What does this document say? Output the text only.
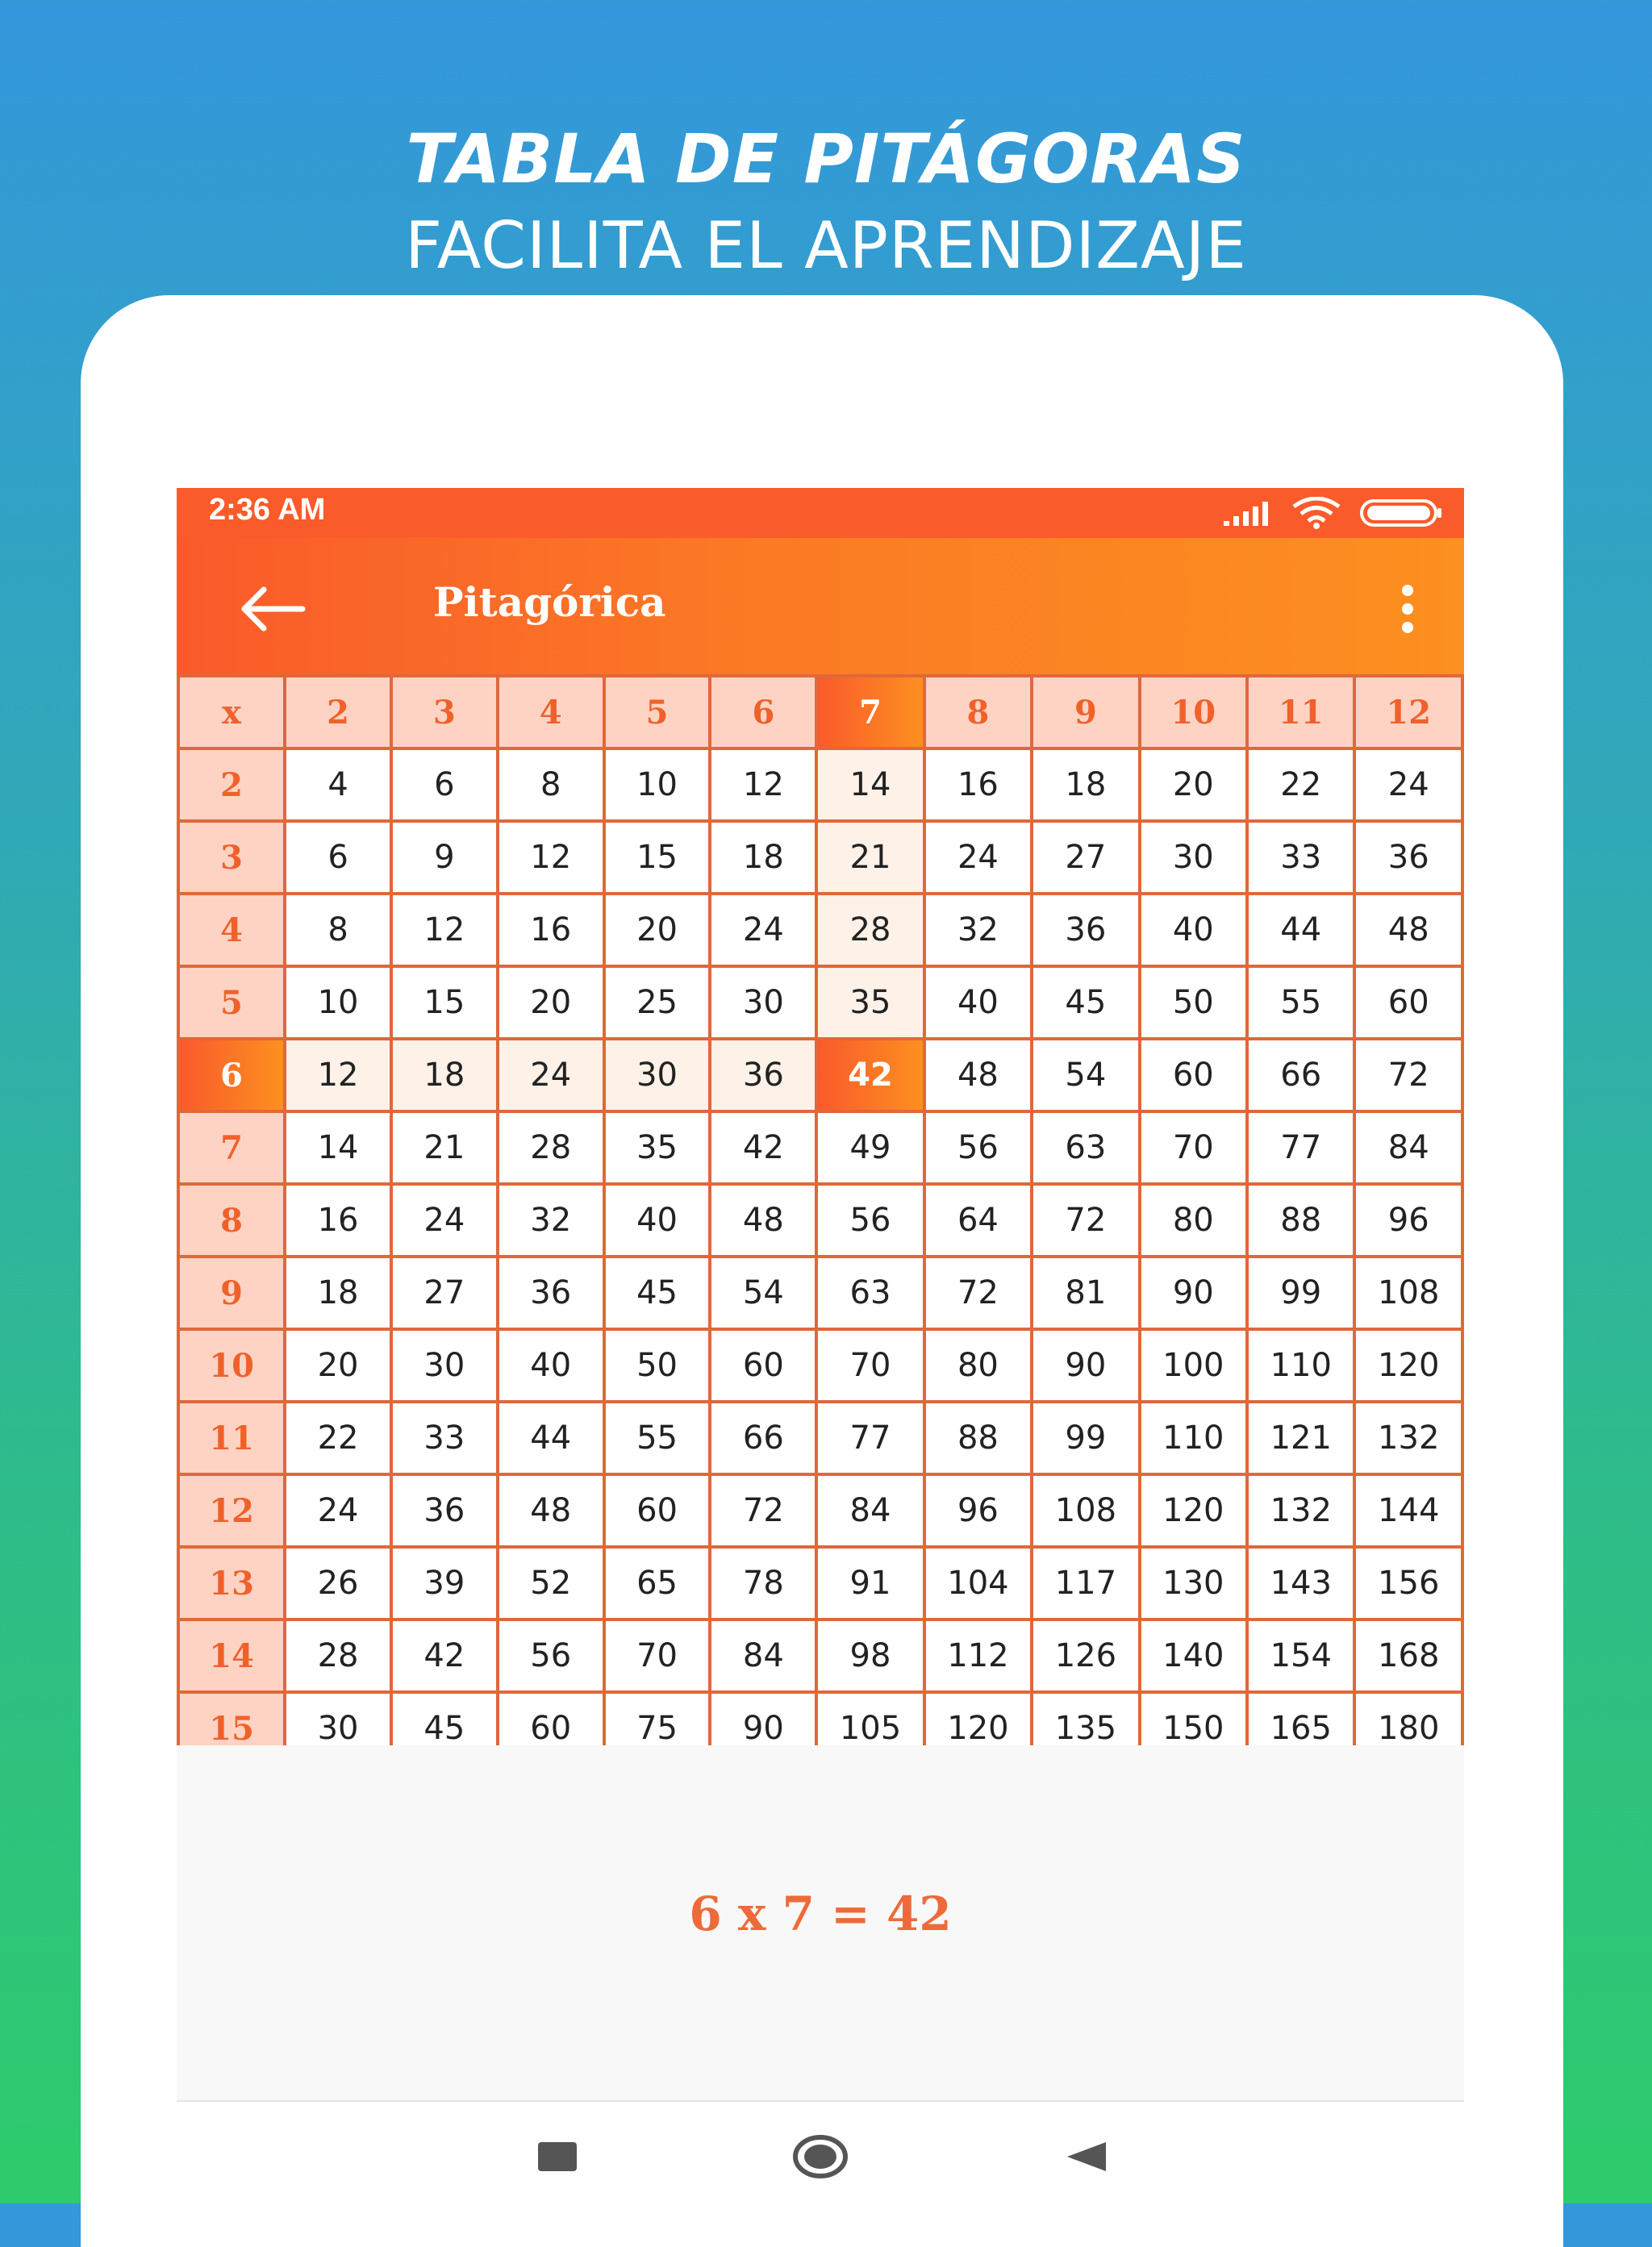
TABLA DE PITÁGORAS
FACILITA EL APRENDIZAJE
2:36 AM
Pitagórica
x	2	3	4	5	6	7	8	9	10	11	12
2	4	6	8	10	12	14	16	18	20	22	24
3	6	9	12	15	18	21	24	27	30	33	36
4	8	12	16	20	24	28	32	36	40	44	48
5	10	15	20	25	30	35	40	45	50	55	60
6	12	18	24	30	36	42	48	54	60	66	72
7	14	21	28	35	42	49	56	63	70	77	84
8	16	24	32	40	48	56	64	72	80	88	96
9	18	27	36	45	54	63	72	81	90	99	108
10	20	30	40	50	60	70	80	90	100	110	120
11	22	33	44	55	66	77	88	99	110	121	132
12	24	36	48	60	72	84	96	108	120	132	144
13	26	39	52	65	78	91	104	117	130	143	156
14	28	42	56	70	84	98	112	126	140	154	168
15	30	45	60	75	90	105	120	135	150	165	180
6 x 7 = 42
